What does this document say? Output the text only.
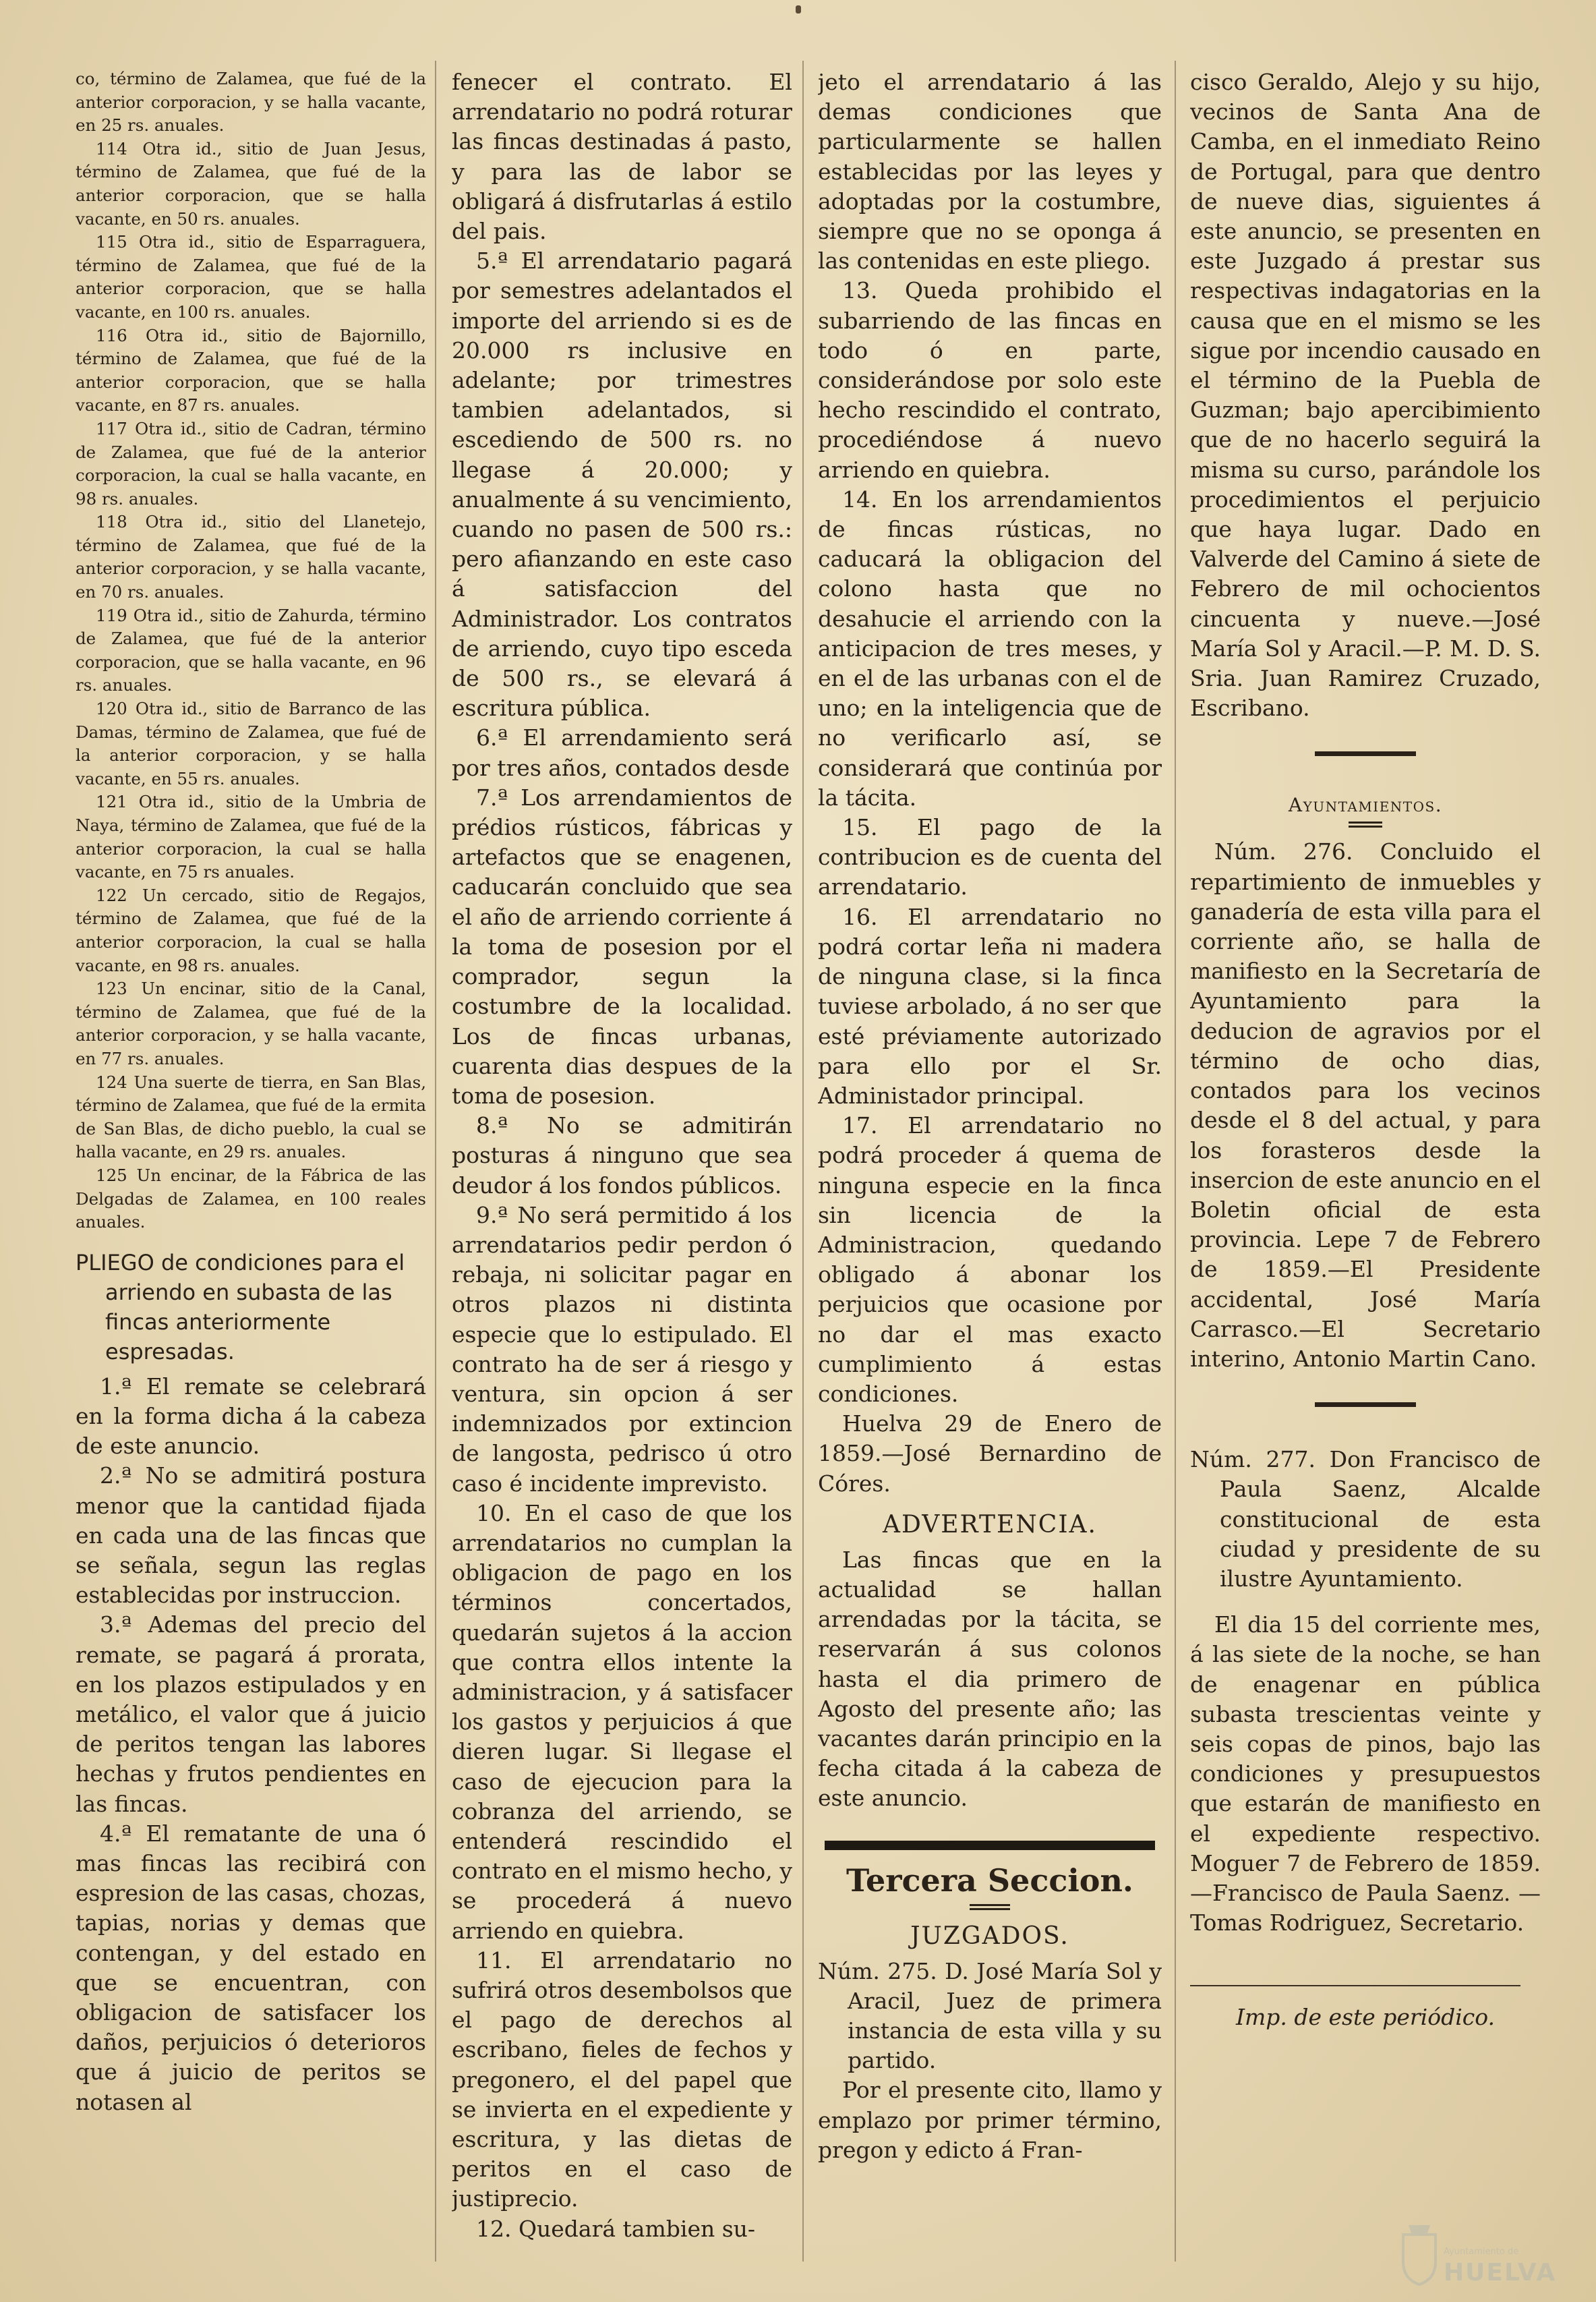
co, término de Zalamea, que fué de la anterior corporacion, y se halla vacante, en 25 rs. anuales.

114 Otra id., sitio de Juan Jesus, término de Zalamea, que fué de la anterior corporacion, que se halla vacante, en 50 rs. anuales.

115 Otra id., sitio de Esparraguera, término de Zalamea, que fué de la anterior corporacion, que se halla vacante, en 100 rs. anuales.

116 Otra id., sitio de Bajornillo, término de Zalamea, que fué de la anterior corporacion, que se halla vacante, en 87 rs. anuales.

117 Otra id., sitio de Cadran, término de Zalamea, que fué de la anterior corporacion, la cual se halla vacante, en 98 rs. anuales.

118 Otra id., sitio del Llanetejo, término de Zalamea, que fué de la anterior corporacion, y se halla vacante, en 70 rs. anuales.

119 Otra id., sitio de Zahurda, término de Zalamea, que fué de la anterior corporacion, que se halla vacante, en 96 rs. anuales.

120 Otra id., sitio de Barranco de las Damas, término de Zalamea, que fué de la anterior corporacion, y se halla vacante, en 55 rs. anuales.

121 Otra id., sitio de la Umbria de Naya, término de Zalamea, que fué de la anterior corporacion, la cual se halla vacante, en 75 rs anuales.

122 Un cercado, sitio de Regajos, término de Zalamea, que fué de la anterior corporacion, la cual se halla vacante, en 98 rs. anuales.

123 Un encinar, sitio de la Canal, término de Zalamea, que fué de la anterior corporacion, y se halla vacante, en 77 rs. anuales.

124 Una suerte de tierra, en San Blas, término de Zalamea, que fué de la ermita de San Blas, de dicho pueblo, la cual se halla vacante, en 29 rs. anuales.

125 Un encinar, de la Fábrica de las Delgadas de Zalamea, en 100 reales anuales.

PLIEGO de condiciones para el arriendo en subasta de las fincas anteriormente espresadas.

1.ª El remate se celebrará en la forma dicha á la cabeza de este anuncio.

2.ª No se admitirá postura menor que la cantidad fijada en cada una de las fincas que se señala, segun las reglas establecidas por instruccion.

3.ª Ademas del precio del remate, se pagará á prorata, en los plazos estipulados y en metálico, el valor que á juicio de peritos tengan las labores hechas y frutos pendientes en las fincas.

4.ª El rematante de una ó mas fincas las recibirá con espresion de las casas, chozas, tapias, norias y demas que contengan, y del estado en que se encuentran, con obligacion de satisfacer los daños, perjuicios ó deterioros que á juicio de peritos se notasen al

fenecer el contrato. El arrendatario no podrá roturar las fincas destinadas á pasto, y para las de labor se obligará á disfrutarlas á estilo del pais.

5.ª El arrendatario pagará por semestres adelantados el importe del arriendo si es de 20.000 rs inclusive en adelante; por trimestres tambien adelantados, si escediendo de 500 rs. no llegase á 20.000; y anualmente á su vencimiento, cuando no pasen de 500 rs.: pero afianzando en este caso á satisfaccion del Administrador. Los contratos de arriendo, cuyo tipo esceda de 500 rs., se elevará á escritura pública.

6.ª El arrendamiento será por tres años, contados desde

7.ª Los arrendamientos de prédios rústicos, fábricas y artefactos que se enagenen, caducarán concluido que sea el año de arriendo corriente á la toma de posesion por el comprador, segun la costumbre de la localidad. Los de fincas urbanas, cuarenta dias despues de la toma de posesion.

8.ª No se admitirán posturas á ninguno que sea deudor á los fondos públicos.

9.ª No será permitido á los arrendatarios pedir perdon ó rebaja, ni solicitar pagar en otros plazos ni distinta especie que lo estipulado. El contrato ha de ser á riesgo y ventura, sin opcion á ser indemnizados por extincion de langosta, pedrisco ú otro caso é incidente imprevisto.

10. En el caso de que los arrendatarios no cumplan la obligacion de pago en los términos concertados, quedarán sujetos á la accion que contra ellos intente la administracion, y á satisfacer los gastos y perjuicios á que dieren lugar. Si llegase el caso de ejecucion para la cobranza del arriendo, se entenderá rescindido el contrato en el mismo hecho, y se procederá á nuevo arriendo en quiebra.

11. El arrendatario no sufrirá otros desembolsos que el pago de derechos al escribano, fieles de fechos y pregonero, el del papel que se invierta en el expediente y escritura, y las dietas de peritos en el caso de justiprecio.

12. Quedará tambien su-

jeto el arrendatario á las demas condiciones que particularmente se hallen establecidas por las leyes y adoptadas por la costumbre, siempre que no se oponga á las contenidas en este pliego.

13. Queda prohibido el subarriendo de las fincas en todo ó en parte, considerándose por solo este hecho rescindido el contrato, procediéndose á nuevo arriendo en quiebra.

14. En los arrendamientos de fincas rústicas, no caducará la obligacion del colono hasta que no desahucie el arriendo con la anticipacion de tres meses, y en el de las urbanas con el de uno; en la inteligencia que de no verificarlo así, se considerará que continúa por la tácita.

15. El pago de la contribucion es de cuenta del arrendatario.

16. El arrendatario no podrá cortar leña ni madera de ninguna clase, si la finca tuviese arbolado, á no ser que esté préviamente autorizado para ello por el Sr. Administador principal.

17. El arrendatario no podrá proceder á quema de ninguna especie en la finca sin licencia de la Administracion, quedando obligado á abonar los perjuicios que ocasione por no dar el mas exacto cumplimiento á estas condiciones.

Huelva 29 de Enero de 1859.—José Bernardino de Córes.

ADVERTENCIA.

Las fincas que en la actualidad se hallan arrendadas por la tácita, se reservarán á sus colonos hasta el dia primero de Agosto del presente año; las vacantes darán principio en la fecha citada á la cabeza de este anuncio.

Tercera Seccion.
JUZGADOS.

Núm. 275. D. José María Sol y Aracil, Juez de primera instancia de esta villa y su partido.

Por el presente cito, llamo y emplazo por primer término, pregon y edicto á Fran-

cisco Geraldo, Alejo y su hijo, vecinos de Santa Ana de Camba, en el inmediato Reino de Portugal, para que dentro de nueve dias, siguientes á este anuncio, se presenten en este Juzgado á prestar sus respectivas indagatorias en la causa que en el mismo se les sigue por incendio causado en el término de la Puebla de Guzman; bajo apercibimiento que de no hacerlo seguirá la misma su curso, parándole los procedimientos el perjuicio que haya lugar. Dado en Valverde del Camino á siete de Febrero de mil ochocientos cincuenta y nueve.—José María Sol y Aracil.—P. M. D. S. Sria. Juan Ramirez Cruzado, Escribano.

Ayuntamientos.

Núm. 276. Concluido el repartimiento de inmuebles y ganadería de esta villa para el corriente año, se halla de manifiesto en la Secretaría de Ayuntamiento para la deducion de agravios por el término de ocho dias, contados para los vecinos desde el 8 del actual, y para los forasteros desde la insercion de este anuncio en el Boletin oficial de esta provincia. Lepe 7 de Febrero de 1859.—El Presidente accidental, José María Carrasco.—El Secretario interino, Antonio Martin Cano.

Núm. 277. Don Francisco de Paula Saenz, Alcalde constitucional de esta ciudad y presidente de su ilustre Ayuntamiento.

El dia 15 del corriente mes, á las siete de la noche, se han de enagenar en pública subasta trescientas veinte y seis copas de pinos, bajo las condiciones y presupuestos que estarán de manifiesto en el expediente respectivo. Moguer 7 de Febrero de 1859. —Francisco de Paula Saenz. —Tomas Rodriguez, Secretario.

Imp. de este periódico.
Ayuntamiento de
HUELVA
